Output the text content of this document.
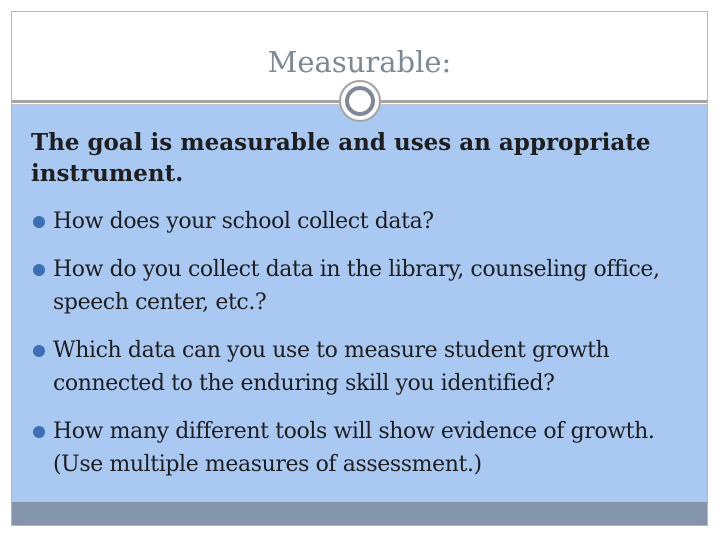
Measurable:
The goal is measurable and uses an appropriate instrument.
How does your school collect data?
How do you collect data in the library, counseling office, speech center, etc.?
Which data can you use to measure student growth connected to the enduring skill you identified?
How many different tools will show evidence of growth. (Use multiple measures of assessment.)
